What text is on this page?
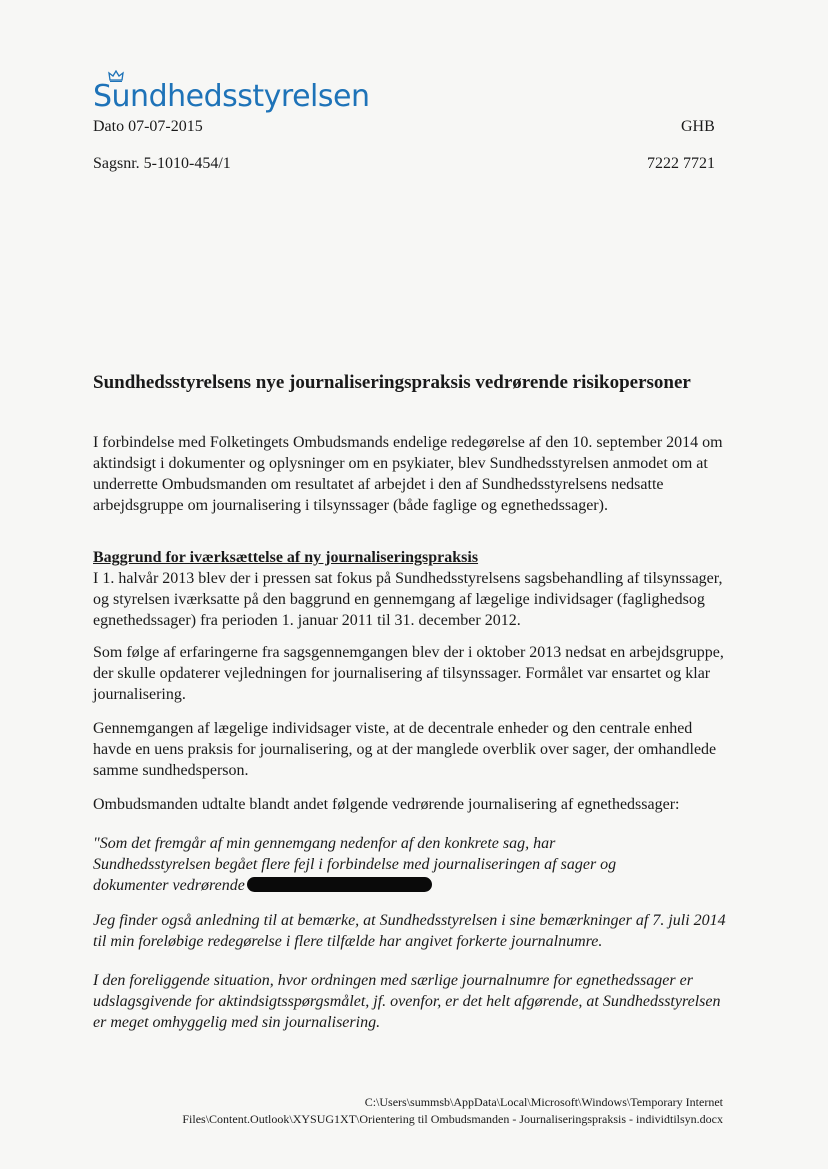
Sundhedsstyrelsen
Dato 07-07-2015	GHB
Sagsnr. 5-1010-454/1	7222 7721
Sundhedsstyrelsens nye journaliseringspraksis vedrørende risikopersoner

I forbindelse med Folketingets Ombudsmands endelige redegørelse af den 10. september 2014 om aktindsigt i dokumenter og oplysninger om en psykiater, blev Sundhedsstyrelsen anmodet om at underrette Ombudsmanden om resultatet af arbejdet i den af Sundhedsstyrelsens nedsatte arbejdsgruppe om journalisering i tilsynssager (både faglige og egnethedssager).

Baggrund for iværksættelse af ny journaliseringspraksis

I 1. halvår 2013 blev der i pressen sat fokus på Sundhedsstyrelsens sagsbehandling af tilsynssager, og styrelsen iværksatte på den baggrund en gennemgang af lægelige individsager (faglighedsog egnethedssager) fra perioden 1. januar 2011 til 31. december 2012.

Som følge af erfaringerne fra sagsgennemgangen blev der i oktober 2013 nedsat en arbejdsgruppe, der skulle opdaterer vejledningen for journalisering af tilsynssager. Formålet var ensartet og klar journalisering.

Gennemgangen af lægelige individsager viste, at de decentrale enheder og den centrale enhed havde en uens praksis for journalisering, og at der manglede overblik over sager, der omhandlede samme sundhedsperson.

Ombudsmanden udtalte blandt andet følgende vedrørende journalisering af egnethedssager:

"Som det fremgår af min gennemgang nedenfor af den konkrete sag, har Sundhedsstyrelsen begået flere fejl i forbindelse med journaliseringen af sager og dokumenter vedrørende

Jeg finder også anledning til at bemærke, at Sundhedsstyrelsen i sine bemærkninger af 7. juli 2014 til min foreløbige redegørelse i flere tilfælde har angivet forkerte journalnumre.

I den foreliggende situation, hvor ordningen med særlige journalnumre for egnethedssager er udslagsgivende for aktindsigtsspørgsmålet, jf. ovenfor, er det helt afgørende, at Sundhedsstyrelsen er meget omhyggelig med sin journalisering.

C:\Users\summsb\AppData\Local\Microsoft\Windows\Temporary Internet
Files\Content.Outlook\XYSUG1XT\Orientering til Ombudsmanden - Journaliseringspraksis - individtilsyn.docx
